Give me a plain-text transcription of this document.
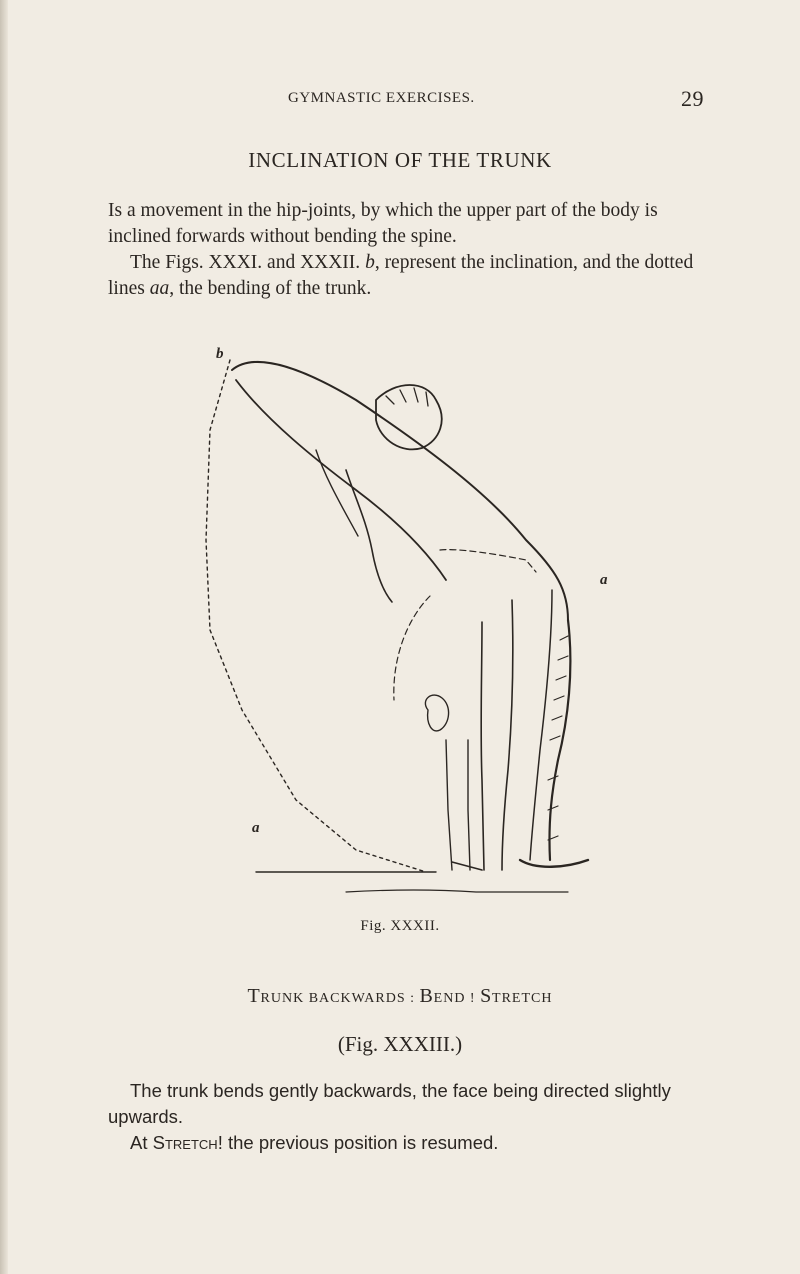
GYMNASTIC EXERCISES.	29
INCLINATION OF THE TRUNK
Is a movement in the hip-joints, by which the upper part of the body is inclined forwards without bending the spine.
The Figs. XXXI. and XXXII. b, represent the inclination, and the dotted lines aa, the bending of the trunk.
b
a
a
Fig. XXXII.
TRUNK BACKWARDS : BEND ! STRETCH
(Fig. XXXIII.)
The trunk bends gently backwards, the face being directed slightly upwards.
At Stretch! the previous position is resumed.
